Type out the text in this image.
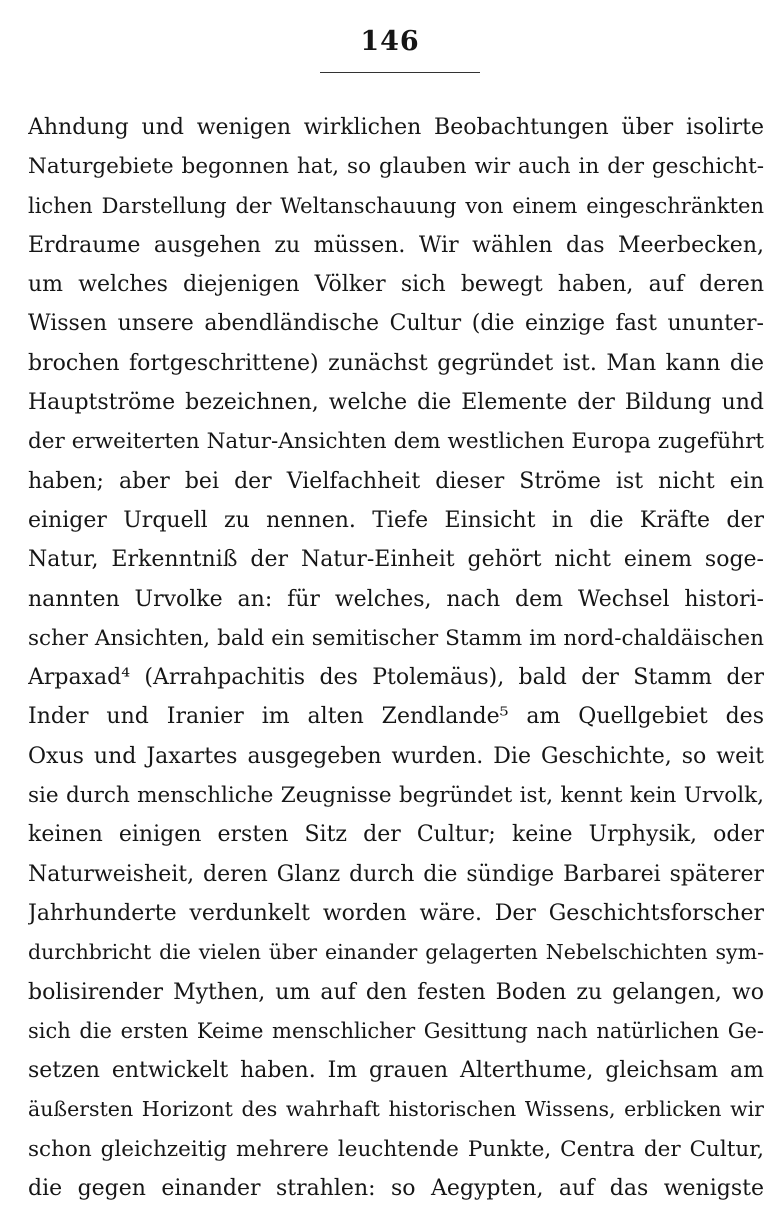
146
Ahndung und wenigen wirklichen Beobachtungen über isolirte
Naturgebiete begonnen hat, so glauben wir auch in der geschicht-
lichen Darstellung der Weltanschauung von einem eingeschränkten
Erdraume ausgehen zu müssen. Wir wählen das Meerbecken,
um welches diejenigen Völker sich bewegt haben, auf deren
Wissen unsere abendländische Cultur (die einzige fast ununter-
brochen fortgeschrittene) zunächst gegründet ist. Man kann die
Hauptströme bezeichnen, welche die Elemente der Bildung und
der erweiterten Natur-Ansichten dem westlichen Europa zugeführt
haben; aber bei der Vielfachheit dieser Ströme ist nicht ein
einiger Urquell zu nennen. Tiefe Einsicht in die Kräfte der
Natur, Erkenntniß der Natur-Einheit gehört nicht einem soge-
nannten Urvolke an: für welches, nach dem Wechsel histori-
scher Ansichten, bald ein semitischer Stamm im nord-chaldäischen
Arpaxad⁴ (Arrahpachitis des Ptolemäus), bald der Stamm der
Inder und Iranier im alten Zendlande⁵ am Quellgebiet des
Oxus und Jaxartes ausgegeben wurden. Die Geschichte, so weit
sie durch menschliche Zeugnisse begründet ist, kennt kein Urvolk,
keinen einigen ersten Sitz der Cultur; keine Urphysik, oder
Naturweisheit, deren Glanz durch die sündige Barbarei späterer
Jahrhunderte verdunkelt worden wäre. Der Geschichtsforscher
durchbricht die vielen über einander gelagerten Nebelschichten sym-
bolisirender Mythen, um auf den festen Boden zu gelangen, wo
sich die ersten Keime menschlicher Gesittung nach natürlichen Ge-
setzen entwickelt haben. Im grauen Alterthume, gleichsam am
äußersten Horizont des wahrhaft historischen Wissens, erblicken wir
schon gleichzeitig mehrere leuchtende Punkte, Centra der Cultur,
die gegen einander strahlen: so Aegypten, auf das wenigste
